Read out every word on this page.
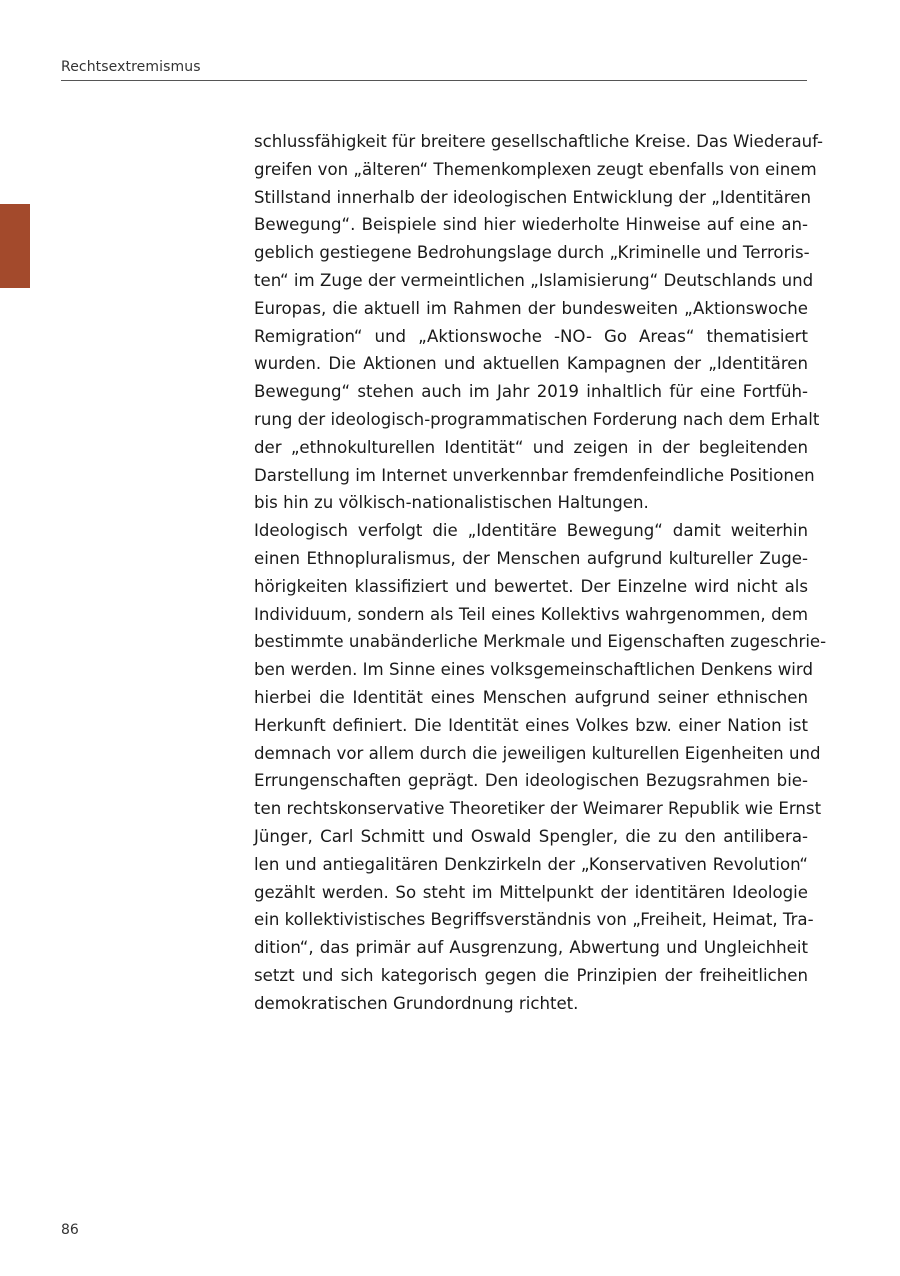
Rechtsextremismus
schlussfähigkeit für breitere gesellschaftliche Kreise. Das Wiederauf-
greifen von „älteren“ Themenkomplexen zeugt ebenfalls von einem
Stillstand innerhalb der ideologischen Entwicklung der „Identitären
Bewegung“. Beispiele sind hier wiederholte Hinweise auf eine an-
geblich gestiegene Bedrohungslage durch „Kriminelle und Terroris-
ten“ im Zuge der vermeintlichen „Islamisierung“ Deutschlands und
Europas, die aktuell im Rahmen der bundesweiten „Aktionswoche
Remigration“ und „Aktionswoche -NO- Go Areas“ thematisiert
wurden. Die Aktionen und aktuellen Kampagnen der „Identitären
Bewegung“ stehen auch im Jahr 2019 inhaltlich für eine Fortfüh-
rung der ideologisch-programmatischen Forderung nach dem Erhalt
der „ethnokulturellen Identität“ und zeigen in der begleitenden
Darstellung im Internet unverkennbar fremdenfeindliche Positionen
bis hin zu völkisch-nationalistischen Haltungen.
Ideologisch verfolgt die „Identitäre Bewegung“ damit weiterhin
einen Ethnopluralismus, der Menschen aufgrund kultureller Zuge-
hörigkeiten klassifiziert und bewertet. Der Einzelne wird nicht als
Individuum, sondern als Teil eines Kollektivs wahrgenommen, dem
bestimmte unabänderliche Merkmale und Eigenschaften zugeschrie-
ben werden. Im Sinne eines volksgemeinschaftlichen Denkens wird
hierbei die Identität eines Menschen aufgrund seiner ethnischen
Herkunft definiert. Die Identität eines Volkes bzw. einer Nation ist
demnach vor allem durch die jeweiligen kulturellen Eigenheiten und
Errungenschaften geprägt. Den ideologischen Bezugsrahmen bie-
ten rechtskonservative Theoretiker der Weimarer Republik wie Ernst
Jünger, Carl Schmitt und Oswald Spengler, die zu den antilibera-
len und antiegalitären Denkzirkeln der „Konservativen Revolution“
gezählt werden. So steht im Mittelpunkt der identitären Ideologie
ein kollektivistisches Begriffsverständnis von „Freiheit, Heimat, Tra-
dition“, das primär auf Ausgrenzung, Abwertung und Ungleichheit
setzt und sich kategorisch gegen die Prinzipien der freiheitlichen
demokratischen Grundordnung richtet.
86
